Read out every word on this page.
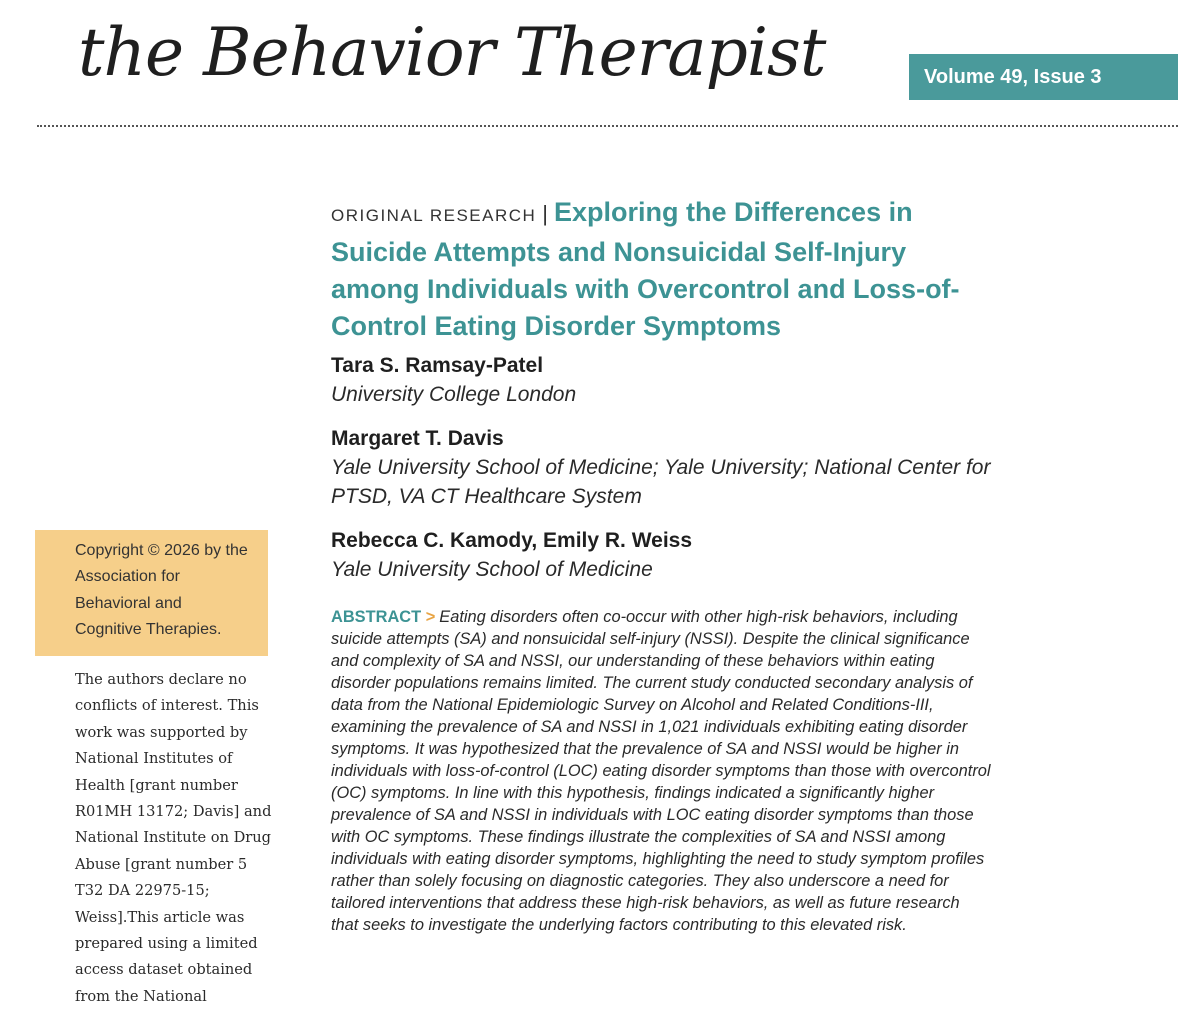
the Behavior Therapist	Volume 49, Issue 3
ORIGINAL RESEARCH | Exploring the Differences in Suicide Attempts and Nonsuicidal Self-Injury among Individuals with Overcontrol and Loss-of-Control Eating Disorder Symptoms
Tara S. Ramsay-Patel
University College London
Margaret T. Davis
Yale University School of Medicine; Yale University; National Center for PTSD, VA CT Healthcare System
Rebecca C. Kamody, Emily R. Weiss
Yale University School of Medicine
ABSTRACT > Eating disorders often co-occur with other high-risk behaviors, including suicide attempts (SA) and nonsuicidal self-injury (NSSI). Despite the clinical significance and complexity of SA and NSSI, our understanding of these behaviors within eating disorder populations remains limited. The current study conducted secondary analysis of data from the National Epidemiologic Survey on Alcohol and Related Conditions-III, examining the prevalence of SA and NSSI in 1,021 individuals exhibiting eating disorder symptoms. It was hypothesized that the prevalence of SA and NSSI would be higher in individuals with loss-of-control (LOC) eating disorder symptoms than those with overcontrol (OC) symptoms. In line with this hypothesis, findings indicated a significantly higher prevalence of SA and NSSI in individuals with LOC eating disorder symptoms than those with OC symptoms. These findings illustrate the complexities of SA and NSSI among individuals with eating disorder symptoms, highlighting the need to study symptom profiles rather than solely focusing on diagnostic categories. They also underscore a need for tailored interventions that address these high-risk behaviors, as well as future research that seeks to investigate the underlying factors contributing to this elevated risk.
Copyright © 2026 by the Association for Behavioral and Cognitive Therapies.
The authors declare no conflicts of interest. This work was supported by National Institutes of Health [grant number R01MH 13172; Davis] and National Institute on Drug Abuse [grant number 5 T32 DA 22975-15; Weiss].This article was prepared using a limited access dataset obtained from the National
